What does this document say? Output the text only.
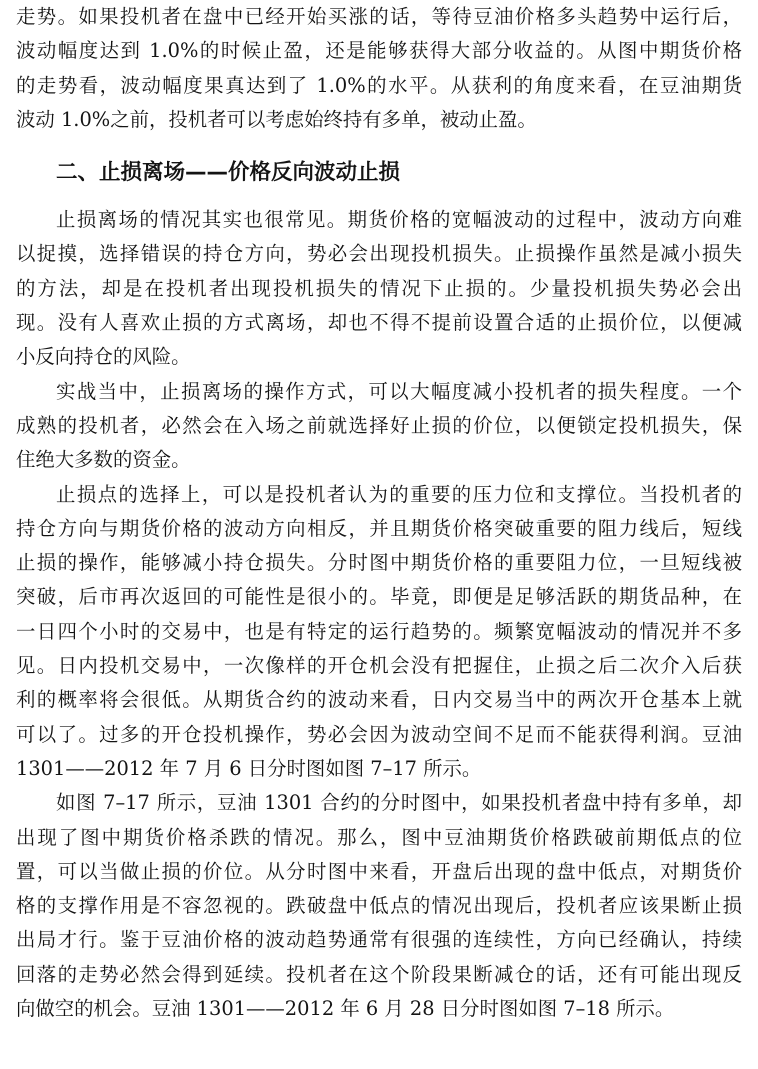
走势。如果投机者在盘中已经开始买涨的话，等待豆油价格多头趋势中运行后，
波动幅度达到 1.0%的时候止盈，还是能够获得大部分收益的。从图中期货价格
的走势看，波动幅度果真达到了 1.0%的水平。从获利的角度来看，在豆油期货
波动 1.0%之前，投机者可以考虑始终持有多单，被动止盈。
二、止损离场——价格反向波动止损
止损离场的情况其实也很常见。期货价格的宽幅波动的过程中，波动方向难
以捉摸，选择错误的持仓方向，势必会出现投机损失。止损操作虽然是减小损失
的方法，却是在投机者出现投机损失的情况下止损的。少量投机损失势必会出
现。没有人喜欢止损的方式离场，却也不得不提前设置合适的止损价位，以便减
小反向持仓的风险。
实战当中，止损离场的操作方式，可以大幅度减小投机者的损失程度。一个
成熟的投机者，必然会在入场之前就选择好止损的价位，以便锁定投机损失，保
住绝大多数的资金。
止损点的选择上，可以是投机者认为的重要的压力位和支撑位。当投机者的
持仓方向与期货价格的波动方向相反，并且期货价格突破重要的阻力线后，短线
止损的操作，能够减小持仓损失。分时图中期货价格的重要阻力位，一旦短线被
突破，后市再次返回的可能性是很小的。毕竟，即便是足够活跃的期货品种，在
一日四个小时的交易中，也是有特定的运行趋势的。频繁宽幅波动的情况并不多
见。日内投机交易中，一次像样的开仓机会没有把握住，止损之后二次介入后获
利的概率将会很低。从期货合约的波动来看，日内交易当中的两次开仓基本上就
可以了。过多的开仓投机操作，势必会因为波动空间不足而不能获得利润。豆油
1301——2012 年 7 月 6 日分时图如图 7–17 所示。
如图 7–17 所示，豆油 1301 合约的分时图中，如果投机者盘中持有多单，却
出现了图中期货价格杀跌的情况。那么，图中豆油期货价格跌破前期低点的位
置，可以当做止损的价位。从分时图中来看，开盘后出现的盘中低点，对期货价
格的支撑作用是不容忽视的。跌破盘中低点的情况出现后，投机者应该果断止损
出局才行。鉴于豆油价格的波动趋势通常有很强的连续性，方向已经确认，持续
回落的走势必然会得到延续。投机者在这个阶段果断减仓的话，还有可能出现反
向做空的机会。豆油 1301——2012 年 6 月 28 日分时图如图 7–18 所示。
